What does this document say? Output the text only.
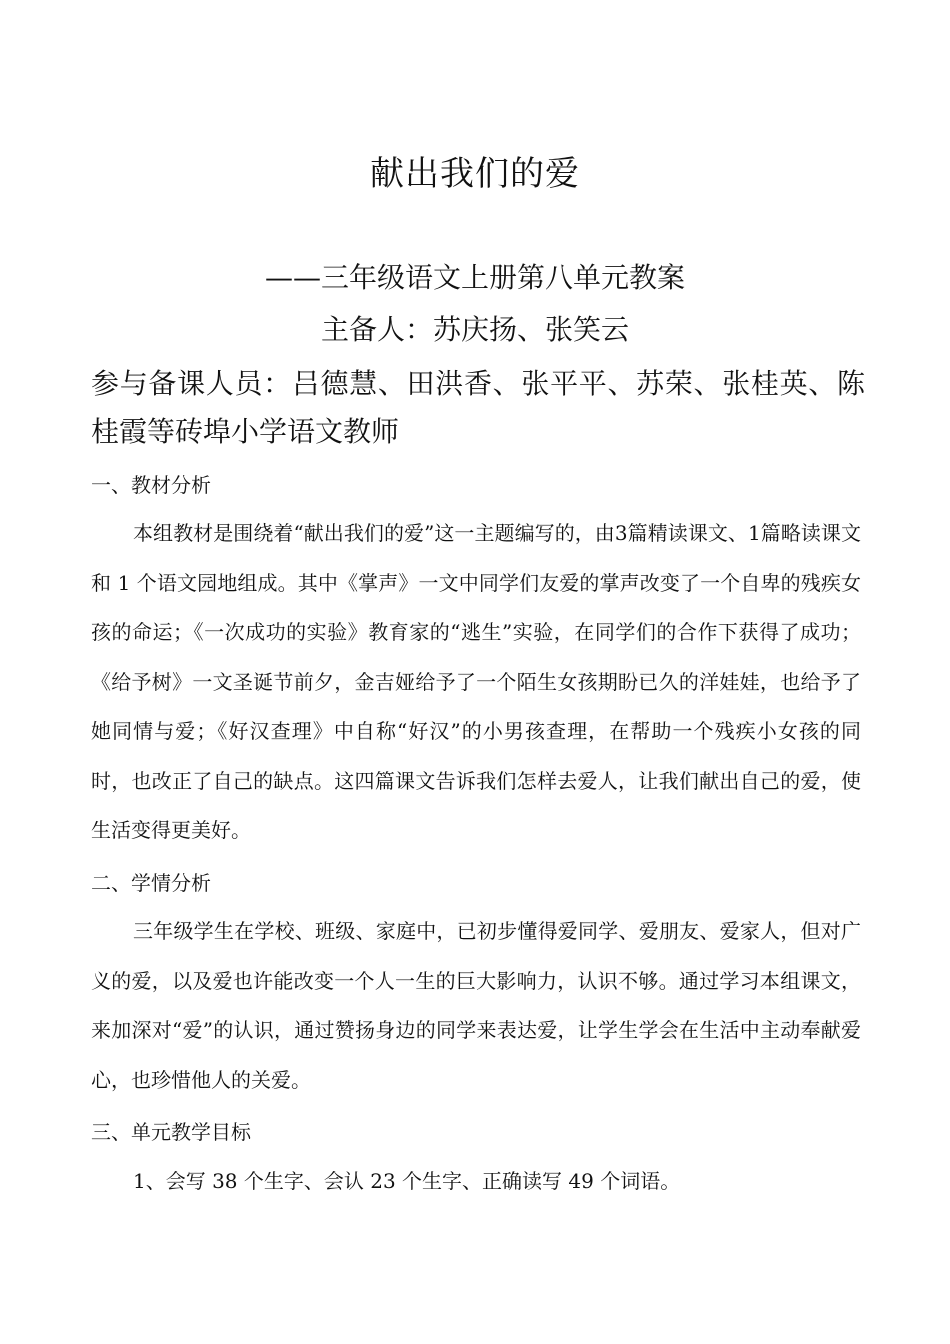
献出我们的爱
——三年级语文上册第八单元教案
主备人：苏庆扬、张笑云
参与备课人员：吕德慧、田洪香、张平平、苏荣、张桂英、陈桂霞等砖埠小学语文教师
一、教材分析
本组教材是围绕着“献出我们的爱”这一主题编写的，由3篇精读课文、1篇略读课文和 1 个语文园地组成。其中《掌声》一文中同学们友爱的掌声改变了一个自卑的残疾女孩的命运；《一次成功的实验》教育家的“逃生”实验，在同学们的合作下获得了成功；《给予树》一文圣诞节前夕，金吉娅给予了一个陌生女孩期盼已久的洋娃娃，也给予了她同情与爱；《好汉查理》中自称“好汉”的小男孩查理，在帮助一个残疾小女孩的同时，也改正了自己的缺点。这四篇课文告诉我们怎样去爱人，让我们献出自己的爱，使生活变得更美好。
二、学情分析
三年级学生在学校、班级、家庭中，已初步懂得爱同学、爱朋友、爱家人，但对广义的爱，以及爱也许能改变一个人一生的巨大影响力，认识不够。通过学习本组课文，来加深对“爱”的认识，通过赞扬身边的同学来表达爱，让学生学会在生活中主动奉献爱心，也珍惜他人的关爱。
三、单元教学目标
1、会写 38 个生字、会认 23 个生字、正确读写 49 个词语。
